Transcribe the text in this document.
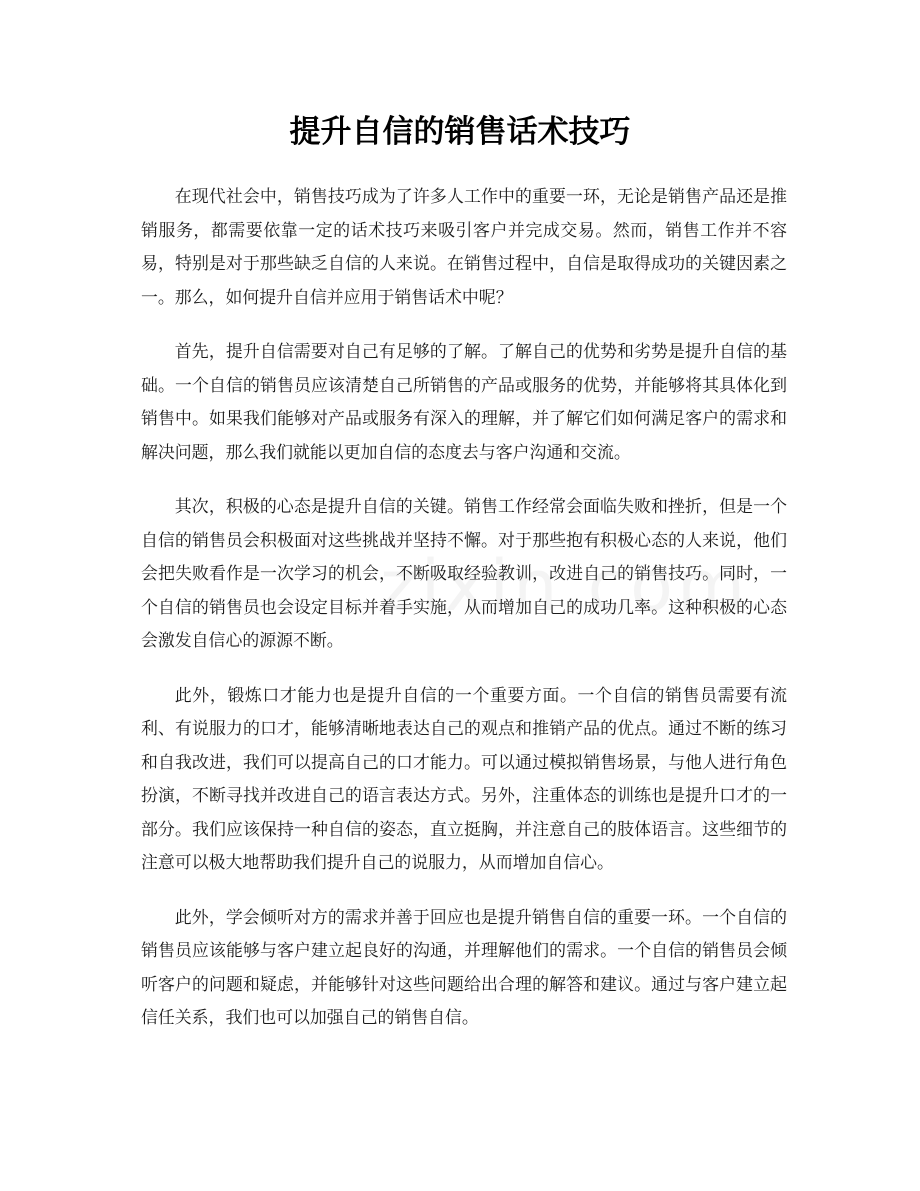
提升自信的销售话术技巧

在现代社会中，销售技巧成为了许多人工作中的重要一环，无论是销售产品还是推销服务，都需要依靠一定的话术技巧来吸引客户并完成交易。然而，销售工作并不容易，特别是对于那些缺乏自信的人来说。在销售过程中，自信是取得成功的关键因素之一。那么，如何提升自信并应用于销售话术中呢？

首先，提升自信需要对自己有足够的了解。了解自己的优势和劣势是提升自信的基础。一个自信的销售员应该清楚自己所销售的产品或服务的优势，并能够将其具体化到销售中。如果我们能够对产品或服务有深入的理解，并了解它们如何满足客户的需求和解决问题，那么我们就能以更加自信的态度去与客户沟通和交流。

其次，积极的心态是提升自信的关键。销售工作经常会面临失败和挫折，但是一个自信的销售员会积极面对这些挑战并坚持不懈。对于那些抱有积极心态的人来说，他们会把失败看作是一次学习的机会，不断吸取经验教训，改进自己的销售技巧。同时，一个自信的销售员也会设定目标并着手实施，从而增加自己的成功几率。这种积极的心态会激发自信心的源源不断。

此外，锻炼口才能力也是提升自信的一个重要方面。一个自信的销售员需要有流利、有说服力的口才，能够清晰地表达自己的观点和推销产品的优点。通过不断的练习和自我改进，我们可以提高自己的口才能力。可以通过模拟销售场景，与他人进行角色扮演，不断寻找并改进自己的语言表达方式。另外，注重体态的训练也是提升口才的一部分。我们应该保持一种自信的姿态，直立挺胸，并注意自己的肢体语言。这些细节的注意可以极大地帮助我们提升自己的说服力，从而增加自信心。

此外，学会倾听对方的需求并善于回应也是提升销售自信的重要一环。一个自信的销售员应该能够与客户建立起良好的沟通，并理解他们的需求。一个自信的销售员会倾听客户的问题和疑虑，并能够针对这些问题给出合理的解答和建议。通过与客户建立起信任关系，我们也可以加强自己的销售自信。
